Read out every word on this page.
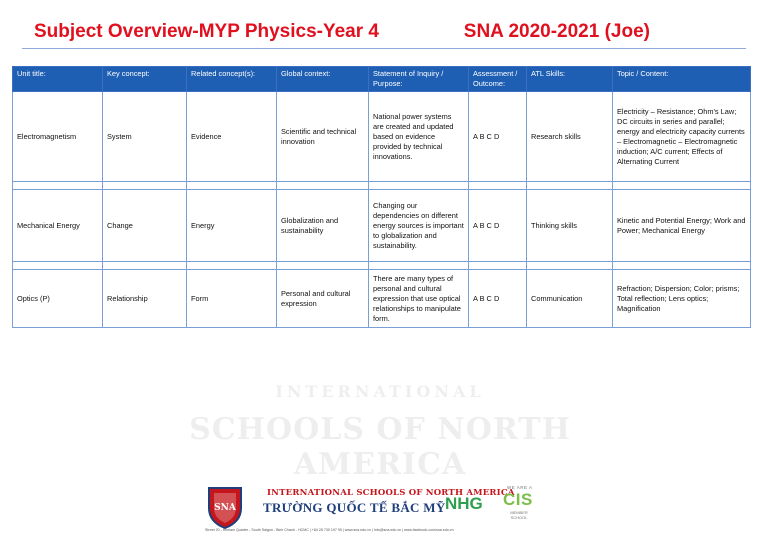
INTERNATIONAL
SCHOOLS OF NORTH AMERICA
Subject Overview-MYP Physics-Year 4	SNA 2020-2021 (Joe)
Unit title:	Key concept:	Related concept(s):	Global context:	Statement of Inquiry / Purpose:	Assessment / Outcome:	ATL Skills:	Topic / Content:
Electromagnetism	System	Evidence	Scientific and technical innovation	National power systems are created and updated based on evidence provided by technical innovations.	A B C D	Research skills	Electricity – Resistance; Ohm's Law; DC circuits in series and parallel; energy and electricity capacity currents – Electromagnetic – Electromagnetic induction; A/C current; Effects of Alternating Current

Mechanical Energy	Change	Energy	Globalization and sustainability	Changing our dependencies on different energy sources is important to globalization and sustainability.	A B C D	Thinking skills	Kinetic and Potential Energy; Work and Power; Mechanical Energy

Optics (P)	Relationship	Form	Personal and cultural expression	There are many types of personal and cultural expression that use optical relationships to manipulate form.	A B C D	Communication	Refraction; Dispersion; Color; prisms; Total reflection; Lens optics; Magnification
SNA
INTERNATIONAL SCHOOLS OF NORTH AMERICA
TRƯỜNG QUỐC TẾ BẮC MỸ NHG
WE ARE A
CIS
MEMBER SCHOOL
Street 20 - Himlam Quarter - South Saigon - Binh Chanh - HCMC | +84 28 730 197 95 | www.sna.edu.vn | Info@sna.edu.vn | www.facebook.com/sna.edu.vn
